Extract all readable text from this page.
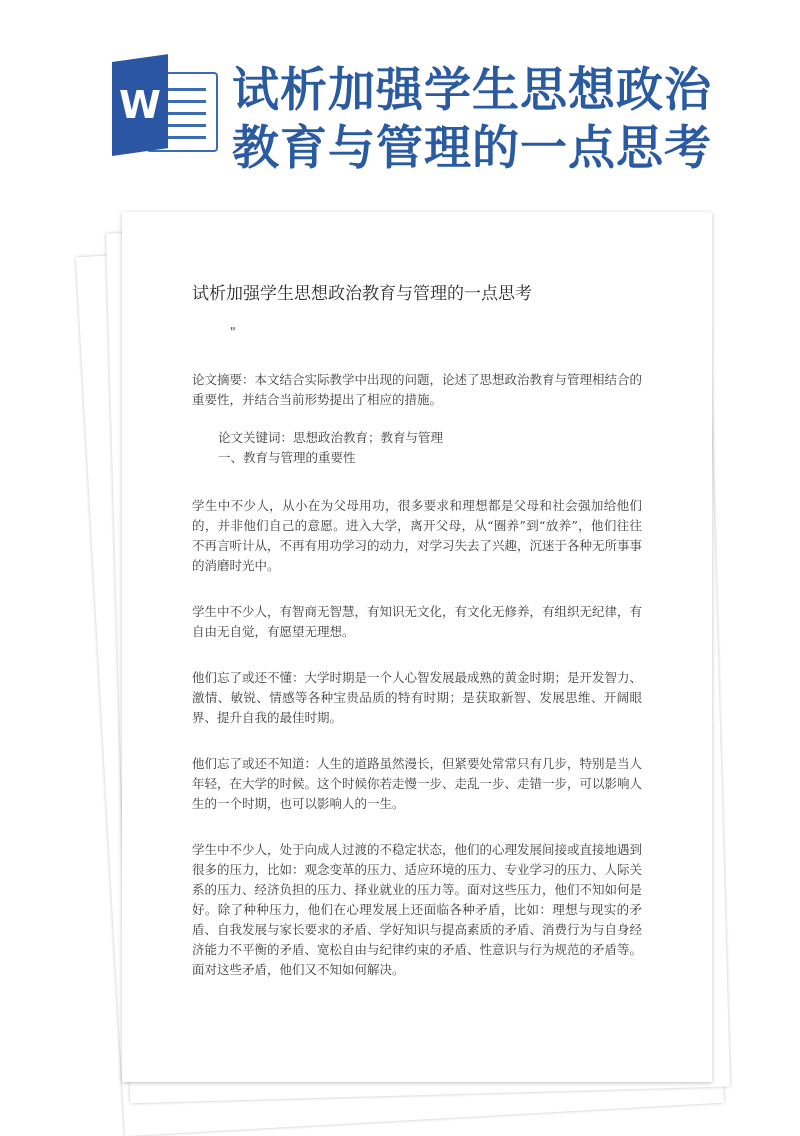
W 试析加强学生思想政治
教育与管理的一点思考
试析加强学生思想政治教育与管理的一点思考
"

论文摘要：本文结合实际教学中出现的问题，论述了思想政治教育与管理相结合的重要性，并结合当前形势提出了相应的措施。

论文关键词：思想政治教育；教育与管理

一、教育与管理的重要性

学生中不少人，从小在为父母用功，很多要求和理想都是父母和社会强加给他们的，并非他们自己的意愿。进入大学，离开父母，从“圈养”到“放养”，他们往往不再言听计从，不再有用功学习的动力，对学习失去了兴趣，沉迷于各种无所事事的消磨时光中。

学生中不少人，有智商无智慧，有知识无文化，有文化无修养，有组织无纪律，有自由无自觉，有愿望无理想。

他们忘了或还不懂：大学时期是一个人心智发展最成熟的黄金时期；是开发智力、激情、敏锐、情感等各种宝贵品质的特有时期；是获取新智、发展思维、开阔眼界、提升自我的最佳时期。

他们忘了或还不知道：人生的道路虽然漫长，但紧要处常常只有几步，特别是当人年轻，在大学的时候。这个时候你若走慢一步、走乱一步、走错一步，可以影响人生的一个时期，也可以影响人的一生。

学生中不少人，处于向成人过渡的不稳定状态，他们的心理发展间接或直接地遇到很多的压力，比如：观念变革的压力、适应环境的压力、专业学习的压力、人际关系的压力、经济负担的压力、择业就业的压力等。面对这些压力，他们不知如何是好。除了种种压力，他们在心理发展上还面临各种矛盾，比如：理想与现实的矛盾、自我发展与家长要求的矛盾、学好知识与提高素质的矛盾、消费行为与自身经济能力不平衡的矛盾、宽松自由与纪律约束的矛盾、性意识与行为规范的矛盾等。面对这些矛盾，他们又不知如何解决。
